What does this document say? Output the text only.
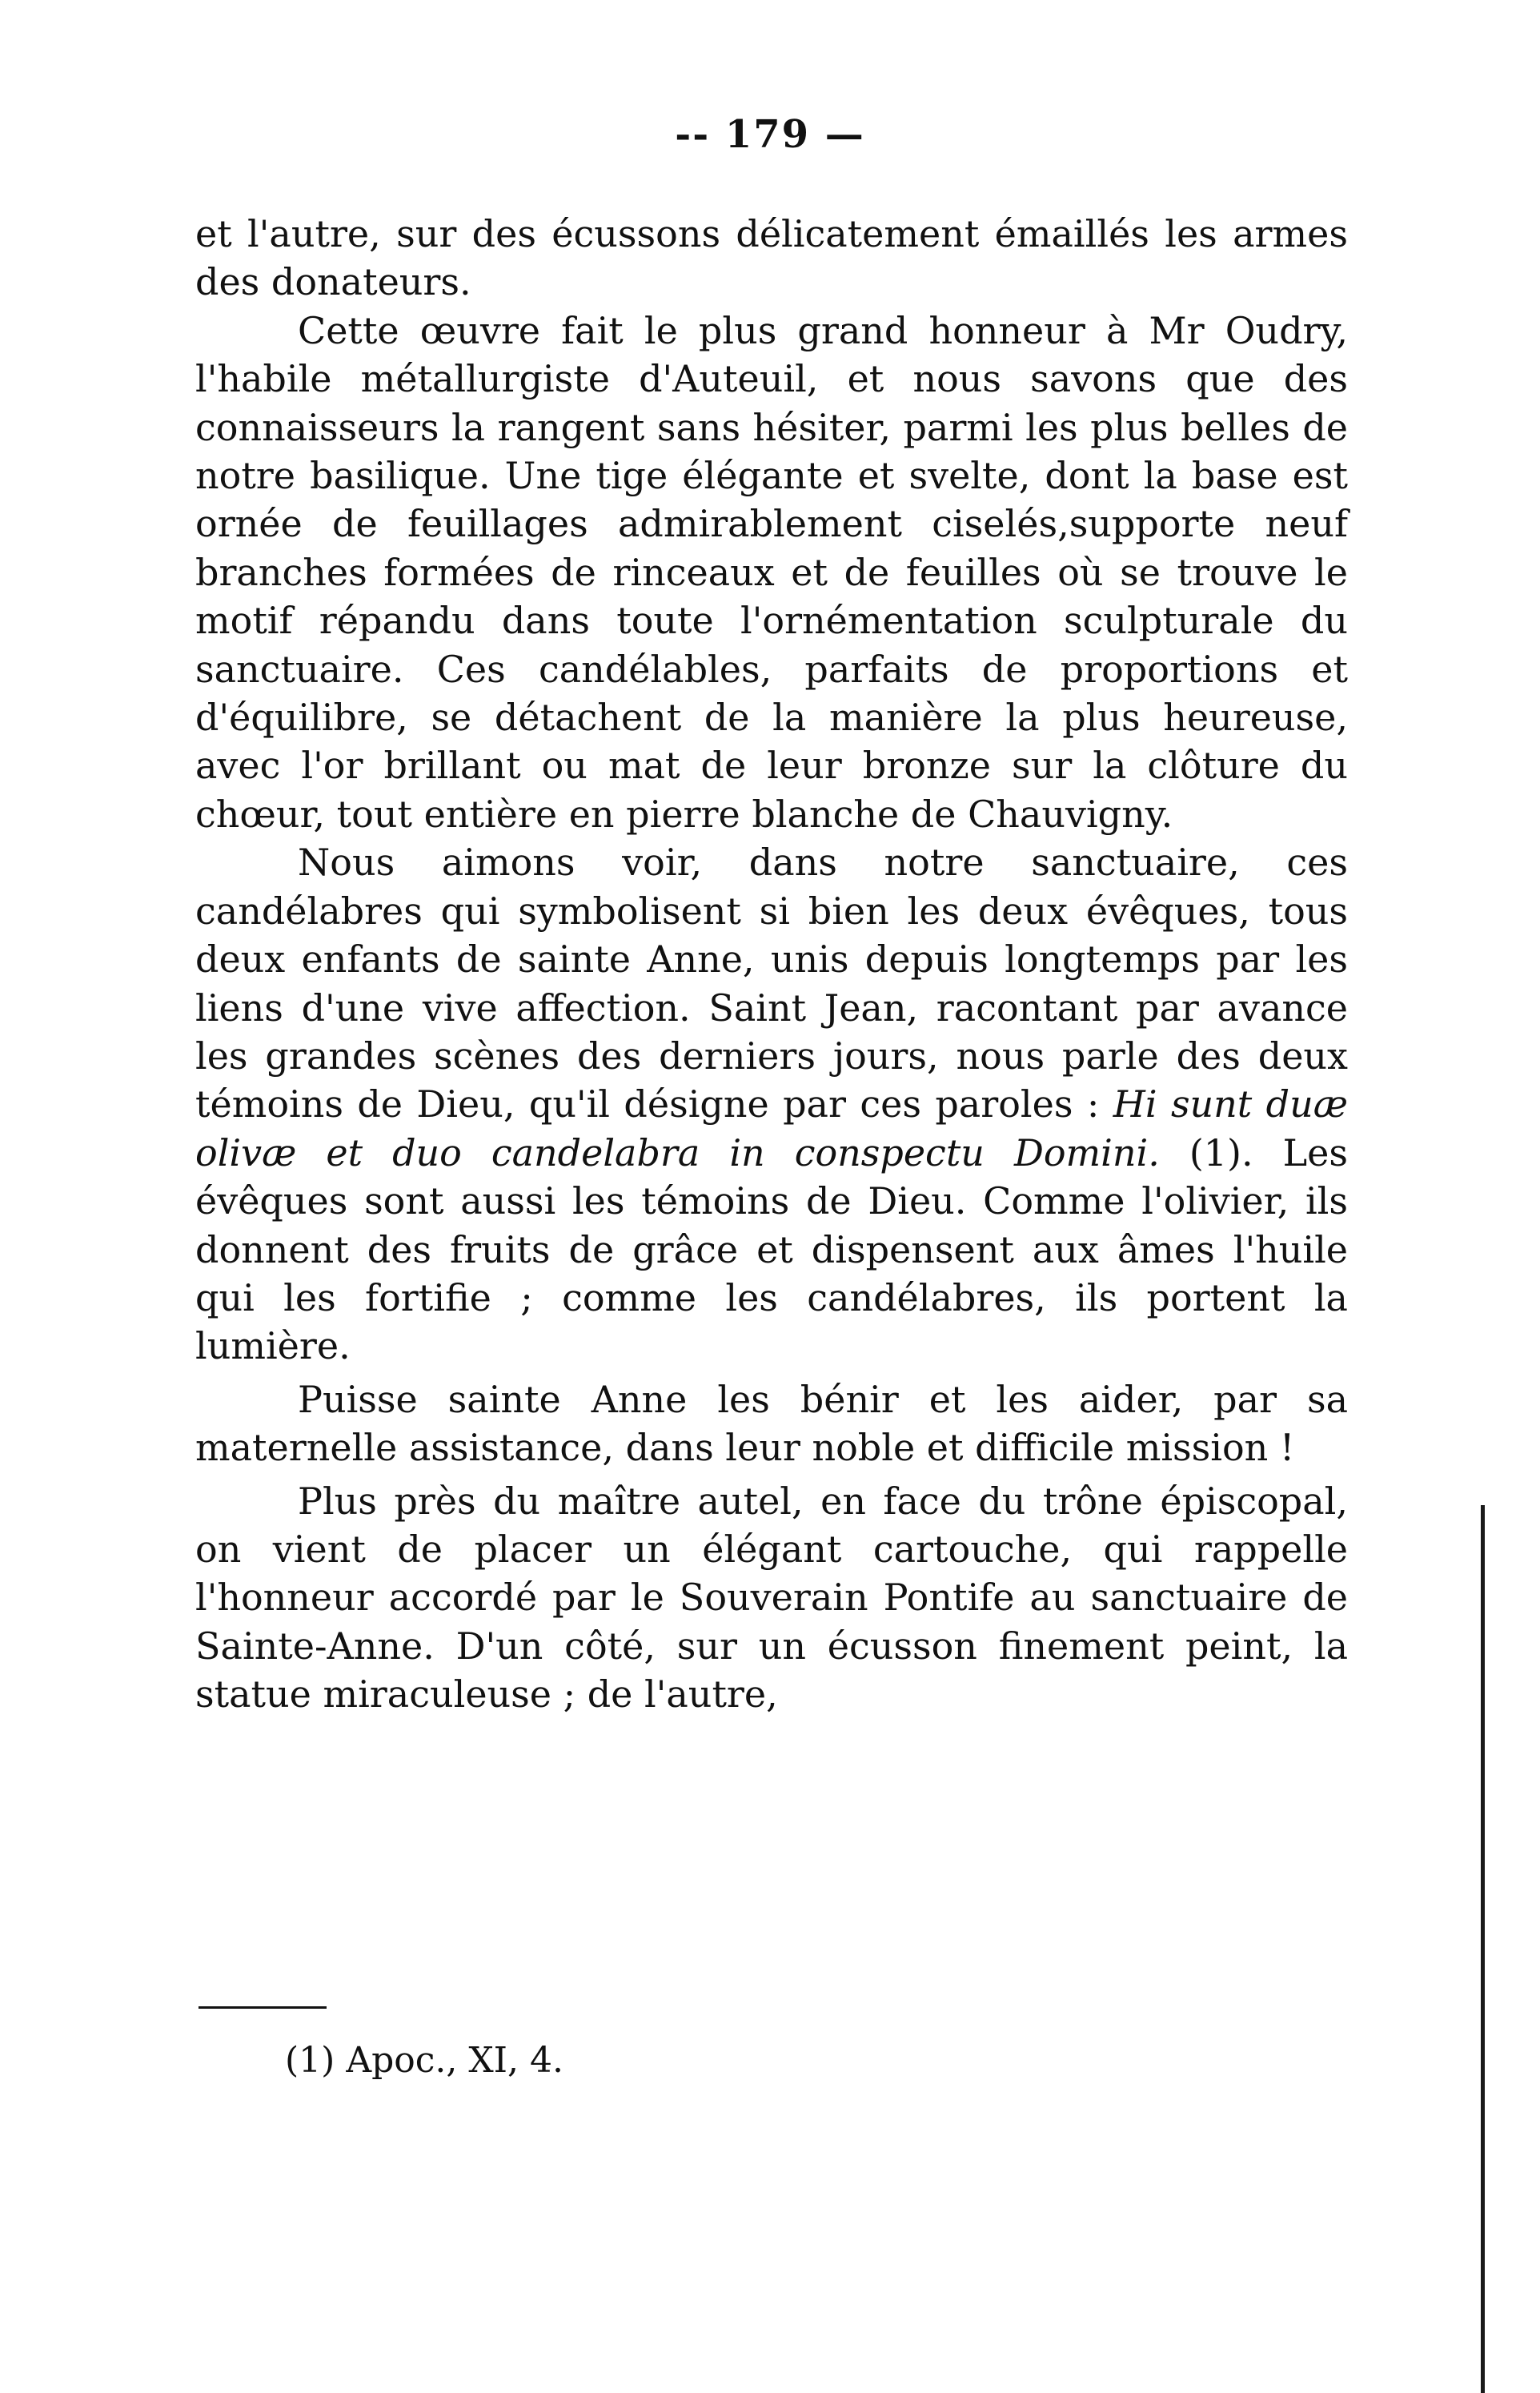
-- 179 —

et l'autre, sur des écussons délicatement émaillés les armes des donateurs.

Cette œuvre fait le plus grand honneur à Mr Oudry, l'habile métallurgiste d'Auteuil, et nous savons que des connaisseurs la rangent sans hésiter, parmi les plus belles de notre basilique. Une tige élégante et svelte, dont la base est ornée de feuillages admirablement ciselés,supporte neuf branches formées de rinceaux et de feuilles où se trouve le motif répandu dans toute l'ornémentation sculpturale du sanctuaire. Ces candélables, parfaits de proportions et d'équilibre, se détachent de la manière la plus heureuse, avec l'or brillant ou mat de leur bronze sur la clôture du chœur, tout entière en pierre blanche de Chauvigny.

Nous aimons voir, dans notre sanctuaire, ces candélabres qui symbolisent si bien les deux évêques, tous deux enfants de sainte Anne, unis depuis longtemps par les liens d'une vive affection. Saint Jean, racontant par avance les grandes scènes des derniers jours, nous parle des deux témoins de Dieu, qu'il désigne par ces paroles : Hi sunt duæ olivæ et duo candelabra in conspectu Domini. (1). Les évêques sont aussi les témoins de Dieu. Comme l'olivier, ils donnent des fruits de grâce et dispensent aux âmes l'huile qui les fortifie ; comme les candélabres, ils portent la lumière.

Puisse sainte Anne les bénir et les aider, par sa maternelle assistance, dans leur noble et difficile mission !

Plus près du maître autel, en face du trône épiscopal, on vient de placer un élégant cartouche, qui rappelle l'honneur accordé par le Souverain Pontife au sanctuaire de Sainte-Anne. D'un côté, sur un écusson finement peint, la statue miraculeuse ; de l'autre,

(1) Apoc., XI, 4.
